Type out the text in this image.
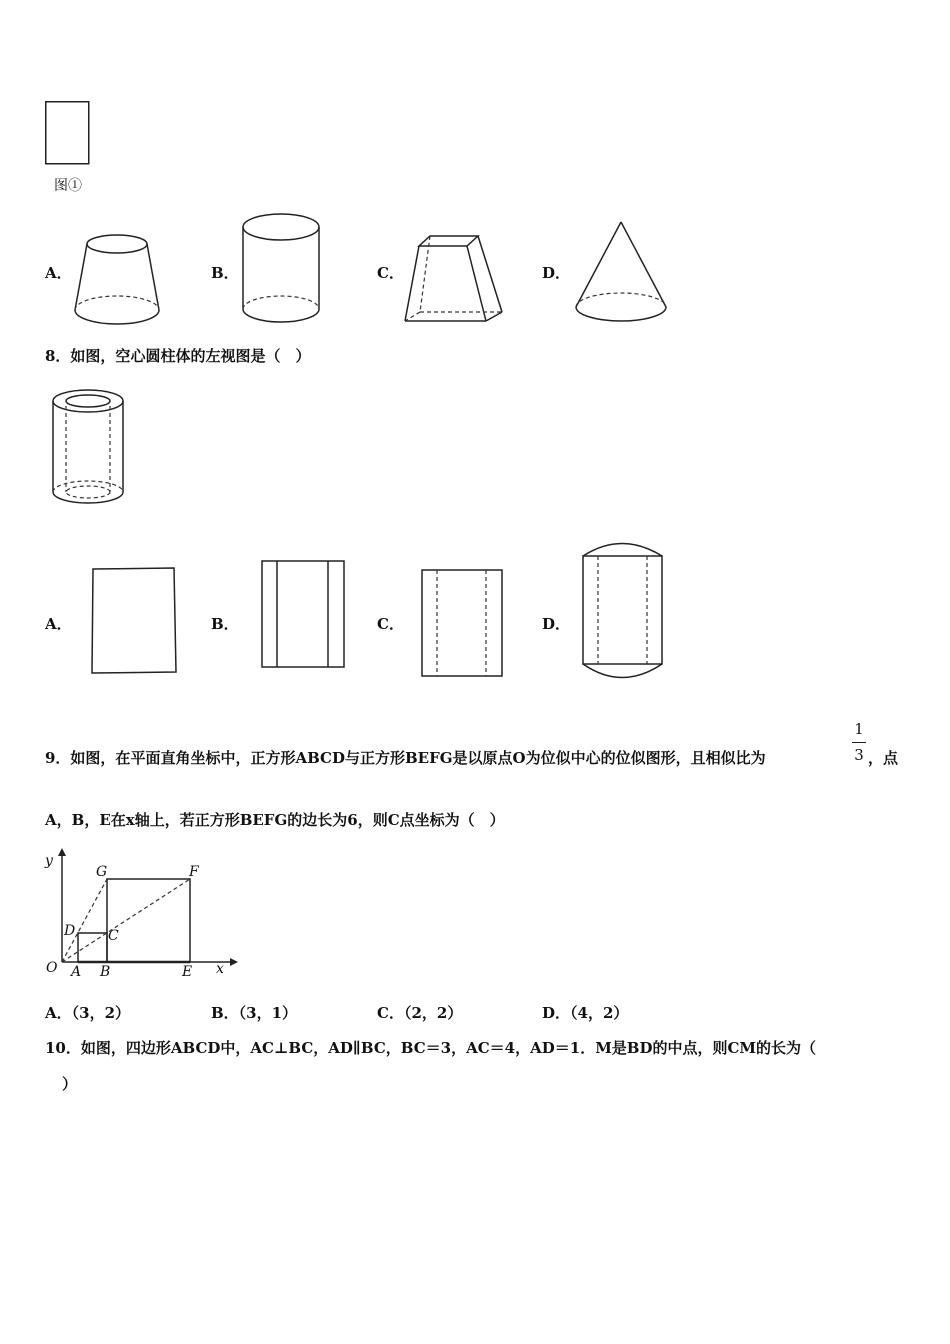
图①
A．	B．	C．	D．
8．如图，空心圆柱体的左视图是（　）
A．	B．	C．	D．
9．如图，在平面直角坐标中，正方形ABCD与正方形BEFG是以原点O为位似中心的位似图形，且相似比为
1
3 ，点
A，B，E在x轴上，若正方形BEFG的边长为6，则C点坐标为（　）
y
G	F
D C
O A B	E x
A．（3，2）	B．（3，1）	C．（2，2）	D．（4，2）
10．如图，四边形ABCD中，AC⊥BC，AD∥BC，BC＝3，AC＝4，AD＝1．M是BD的中点，则CM的长为（
）
